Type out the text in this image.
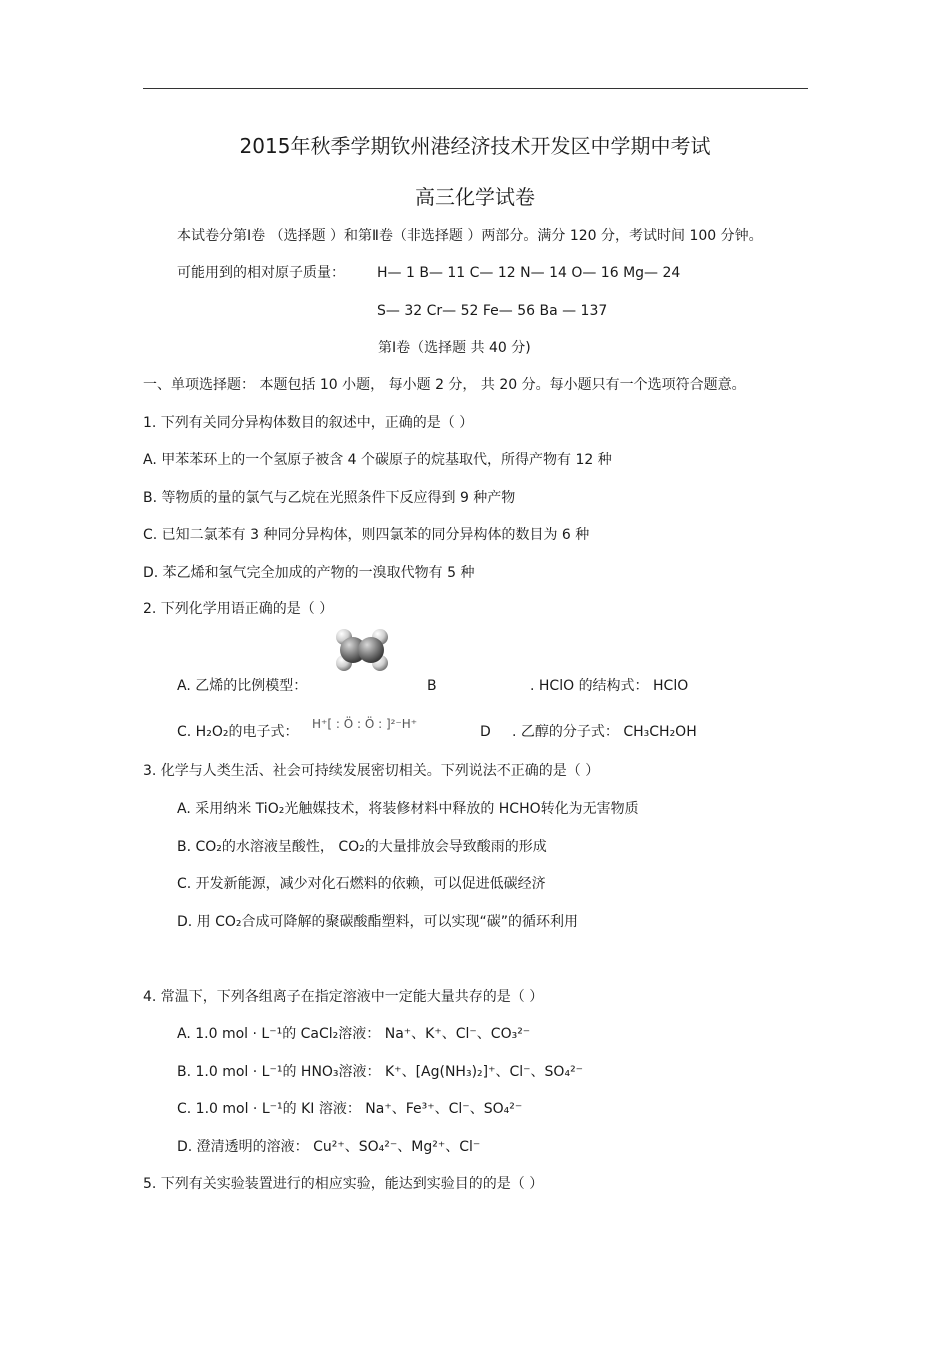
2015年秋季学期钦州港经济技术开发区中学期中考试
高三化学试卷
本试卷分第Ⅰ卷 （选择题 ）和第Ⅱ卷（非选择题 ）两部分。满分 120 分，考试时间 100 分钟。
可能用到的相对原子质量： H— 1 B— 11 C— 12 N— 14 O— 16 Mg— 24
S— 32 Cr— 52 Fe— 56 Ba — 137
第Ⅰ卷（选择题 共 40 分)
一、单项选择题： 本题包括 10 小题， 每小题 2 分， 共 20 分。每小题只有一个选项符合题意。
1. 下列有关同分异构体数目的叙述中，正确的是（ ）
A. 甲苯苯环上的一个氢原子被含 4 个碳原子的烷基取代，所得产物有 12 种
B. 等物质的量的氯气与乙烷在光照条件下反应得到 9 种产物
C. 已知二氯苯有 3 种同分异构体，则四氯苯的同分异构体的数目为 6 种
D. 苯乙烯和氢气完全加成的产物的一溴取代物有 5 种
2. 下列化学用语正确的是（ ）
A. 乙烯的比例模型：	B	. HClO 的结构式： HClO
C. H₂O₂的电子式： H⁺[ : Ö : Ö : ]²⁻H⁺	D . 乙醇的分子式： CH₃CH₂OH
3. 化学与人类生活、社会可持续发展密切相关。下列说法不正确的是（ ）
A. 采用纳米 TiO₂光触媒技术，将装修材料中释放的 HCHO转化为无害物质
B. CO₂的水溶液呈酸性， CO₂的大量排放会导致酸雨的形成
C. 开发新能源，减少对化石燃料的依赖，可以促进低碳经济
D. 用 CO₂合成可降解的聚碳酸酯塑料，可以实现“碳”的循环利用
4. 常温下，下列各组离子在指定溶液中一定能大量共存的是（ ）
A. 1.0 mol · L⁻¹的 CaCl₂溶液： Na⁺、K⁺、Cl⁻、CO₃²⁻
B. 1.0 mol · L⁻¹的 HNO₃溶液： K⁺、[Ag(NH₃)₂]⁺、Cl⁻、SO₄²⁻
C. 1.0 mol · L⁻¹的 KI 溶液： Na⁺、Fe³⁺、Cl⁻、SO₄²⁻
D. 澄清透明的溶液： Cu²⁺、SO₄²⁻、Mg²⁺、Cl⁻
5. 下列有关实验装置进行的相应实验，能达到实验目的的是（ ）
